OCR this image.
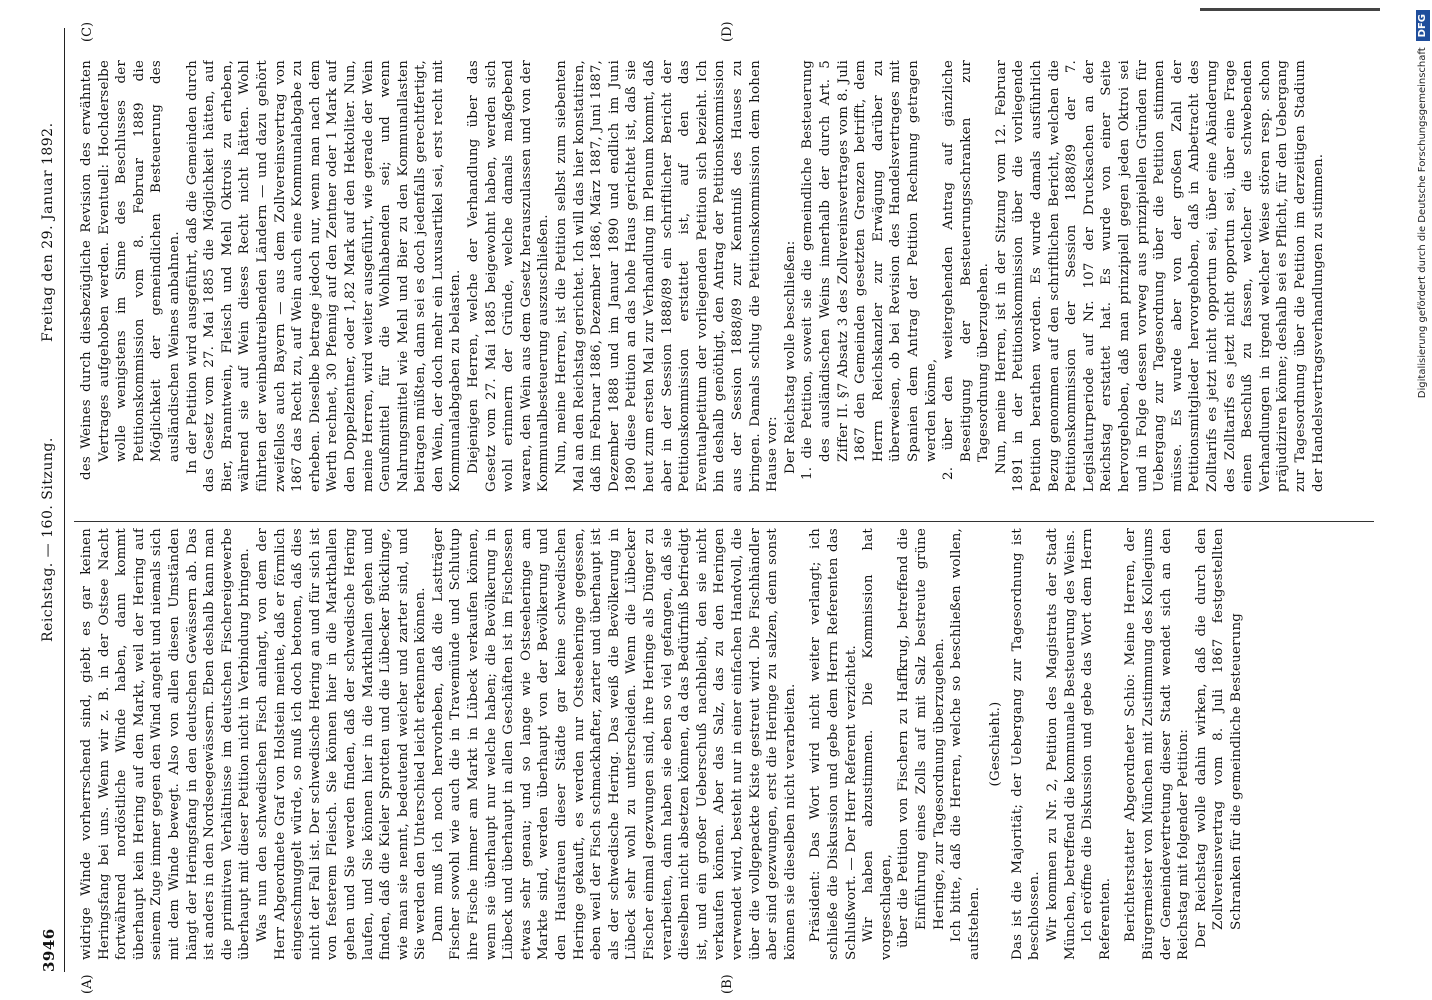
3946
Reichstag. — 160. Sitzung.
Freitag den 29. Januar 1892.
(A)	(B)
(C)	(D)

widrige Winde vorherrschend sind, giebt es gar keinen Heringsfang bei uns. Wenn wir z. B. in der Ostsee Nacht fortwährend nordöstliche Winde haben, dann kommt überhaupt kein Hering auf den Markt, weil der Hering auf seinem Zuge immer gegen den Wind angeht und niemals sich mit dem Winde bewegt. Also von allen diesen Umständen hängt der Heringsfang in den deutschen Gewässern ab. Das ist anders in den Nordseegewässern. Eben deshalb kann man die primitiven Verhältnisse im deutschen Fischereigewerbe überhaupt mit dieser Petition nicht in Verbindung bringen. Was nun den schwedischen Fisch anlangt, von dem der Herr Abgeordnete Graf von Holstein meinte, daß er förmlich eingeschmuggelt würde, so muß ich doch betonen, daß dies nicht der Fall ist. Der schwedische Hering an und für sich ist von festerem Fleisch. Sie können hier in die Markthallen gehen und Sie werden finden, daß der schwedische Hering laufen, und Sie können hier in die Markthallen gehen und finden, daß die Kieler Sprotten und die Lübecker Bücklinge, wie man sie nennt, bedeutend weicher und zarter sind, und Sie werden den Unterschied leicht erkennen können. Dann muß ich noch hervorheben, daß die Lastträger Fischer sowohl wie auch die in Travemünde und Schlutup ihre Fische immer am Markt in Lübeck verkaufen können, wenn sie überhaupt nur welche haben; die Bevölkerung in Lübeck und überhaupt in allen Geschäften ist im Fischessen etwas sehr genau; und so lange wie Ostseeheringe am Markte sind, werden überhaupt von der Bevölkerung und den Hausfrauen dieser Städte gar keine schwedischen Heringe gekauft, es werden nur Ostseeheringe gegessen, eben weil der Fisch schmackhafter, zarter und überhaupt ist als der schwedische Hering. Das weiß die Bevölkerung in Lübeck sehr wohl zu unterscheiden. Wenn die Lübecker Fischer einmal gezwungen sind, ihre Heringe als Dünger zu verarbeiten, dann haben sie eben so viel gefangen, daß sie dieselben nicht absetzen können, da das Bedürfniß befriedigt ist, und ein großer Ueberschuß nachbleibt, den sie nicht verkaufen können. Aber das Salz, das zu den Heringen verwendet wird, besteht nur in einer einfachen Handvoll, die über die vollgepackte Kiste gestreut wird. Die Fischhändler aber sind gezwungen, erst die Heringe zu salzen, denn sonst können sie dieselben nicht verarbeiten. Präsident: Das Wort wird nicht weiter verlangt; ich schließe die Diskussion und gebe dem Herrn Referenten das Schlußwort. — Der Herr Referent verzichtet. Wir haben abzustimmen. Die Kommission hat vorgeschlagen, über die Petition von Fischern zu Haffkrug, betreffend die Einführung eines Zolls auf mit Salz bestreute grüne Heringe, zur Tagesordnung überzugehen. Ich bitte, daß die Herren, welche so beschließen wollen, aufstehen.

(Geschieht.) Das ist die Majorität; der Uebergang zur Tagesordnung ist beschlossen. Wir kommen zu Nr. 2, Petition des Magistrats der Stadt München, betreffend die kommunale Besteuerung des Weins. Ich eröffne die Diskussion und gebe das Wort dem Herrn Referenten. Berichterstatter Abgeordneter Schio: Meine Herren, der Bürgermeister von München mit Zustimmung des Kollegiums der Gemeindevertretung dieser Stadt wendet sich an den Reichstag mit folgender Petition: Der Reichstag wolle dahin wirken, daß die durch den Zollvereinsvertrag vom 8. Juli 1867 festgestellten Schranken für die gemeindliche Besteuerung

des Weines durch diesbezügliche Revision des erwähnten Vertrages aufgehoben werden. Eventuell: Hochderselbe wolle wenigstens im Sinne des Beschlusses der Petitionskommission vom 8. Februar 1889 die Möglichkeit der gemeindlichen Besteuerung des ausländischen Weines anbahnen. In der Petition wird ausgeführt, daß die Gemeinden durch das Gesetz vom 27. Mai 1885 die Möglichkeit hätten, auf Bier, Branntwein, Fleisch und Mehl Oktrois zu erheben, während sie auf Wein dieses Recht nicht hätten. Wohl führten der weinbautreibenden Ländern — und dazu gehört zweifellos auch Bayern — aus dem Zollvereinsvertrag von 1867 das Recht zu, auf Wein auch eine Kommunalabgabe zu erheben. Dieselbe betrage jedoch nur, wenn man nach dem Werth rechnet, 30 Pfennig auf den Zentner oder 1 Mark auf den Doppelzentner, oder 1,82 Mark auf den Hektoliter. Nun, meine Herren, wird weiter ausgeführt, wie gerade der Wein Genußmittel für die Wohlhabenden sei; und wenn Nahrungsmittel wie Mehl und Bier zu den Kommunallasten beitragen müßten, dann sei es doch jedenfalls gerechtfertigt, den Wein, der doch mehr ein Luxusartikel sei, erst recht mit Kommunalabgaben zu belasten. Diejenigen Herren, welche der Verhandlung über das Gesetz vom 27. Mai 1885 beigewohnt haben, werden sich wohl erinnern der Gründe, welche damals maßgebend waren, den Wein aus dem Gesetz herauszulassen und von der Kommunalbesteuerung auszuschließen. Nun, meine Herren, ist die Petition selbst zum siebenten Mal an den Reichstag gerichtet. Ich will das hier konstatiren, daß im Februar 1886, Dezember 1886, März 1887, Juni 1887, Dezember 1888 und im Januar 1890 und endlich im Juni 1890 diese Petition an das hohe Haus gerichtet ist, daß sie heut zum ersten Mal zur Verhandlung im Plenum kommt, daß aber in der Session 1888/89 ein schriftlicher Bericht der Petitionskommission erstattet ist, auf den das Eventualpetitum der vorliegenden Petition sich bezieht. Ich bin deshalb genöthigt, den Antrag der Petitionskommission aus der Session 1888/89 zur Kenntniß des Hauses zu bringen. Damals schlug die Petitionskommission dem hohen Hause vor: Der Reichstag wolle beschließen: 1. die Petition, soweit sie die gemeindliche Besteuerung des ausländischen Weins innerhalb der durch Art. 5 Ziffer II. §7 Absatz 3 des Zollvereinsvertrages vom 8. Juli 1867 den Gemeinden gesetzten Grenzen betrifft, dem Herrn Reichskanzler zur Erwägung darüber zu überweisen, ob bei Revision des Handelsvertrages mit Spanien dem Antrag der Petition Rechnung getragen werden könne, 2. über den weitergehenden Antrag auf gänzliche Beseitigung der Besteuerungsschranken zur Tagesordnung überzugehen. Nun, meine Herren, ist in der Sitzung vom 12. Februar 1891 in der Petitionskommission über die vorliegende Petition berathen worden. Es wurde damals ausführlich Bezug genommen auf den schriftlichen Bericht, welchen die Petitionskommission der Session 1888/89 der 7. Legislaturperiode auf Nr. 107 der Drucksachen an der Reichstag erstattet hat. Es wurde von einer Seite hervorgehoben, daß man prinzipiell gegen jeden Oktroi sei und in Folge dessen vorweg aus prinzipiellen Gründen für Uebergang zur Tagesordnung über die Petition stimmen müsse. Es wurde aber von der großen Zahl der Petitionsmitglieder hervorgehoben, daß in Anbetracht des Zolltarifs es jetzt nicht opportun sei, über eine Abänderung des Zolltarifs es jetzt nicht opportun sei, über eine Frage einen Beschluß zu fassen, welcher die schwebenden Verhandlungen in irgend welcher Weise stören resp. schon präjudiziren könne; deshalb sei es Pflicht, für den Uebergang zur Tagesordnung über die Petition im derzeitigen Stadium der Handelsvertragsverhandlungen zu stimmen.	Digitalisierung gefördert durch die Deutsche ForschungsgemeinschaftDFG
